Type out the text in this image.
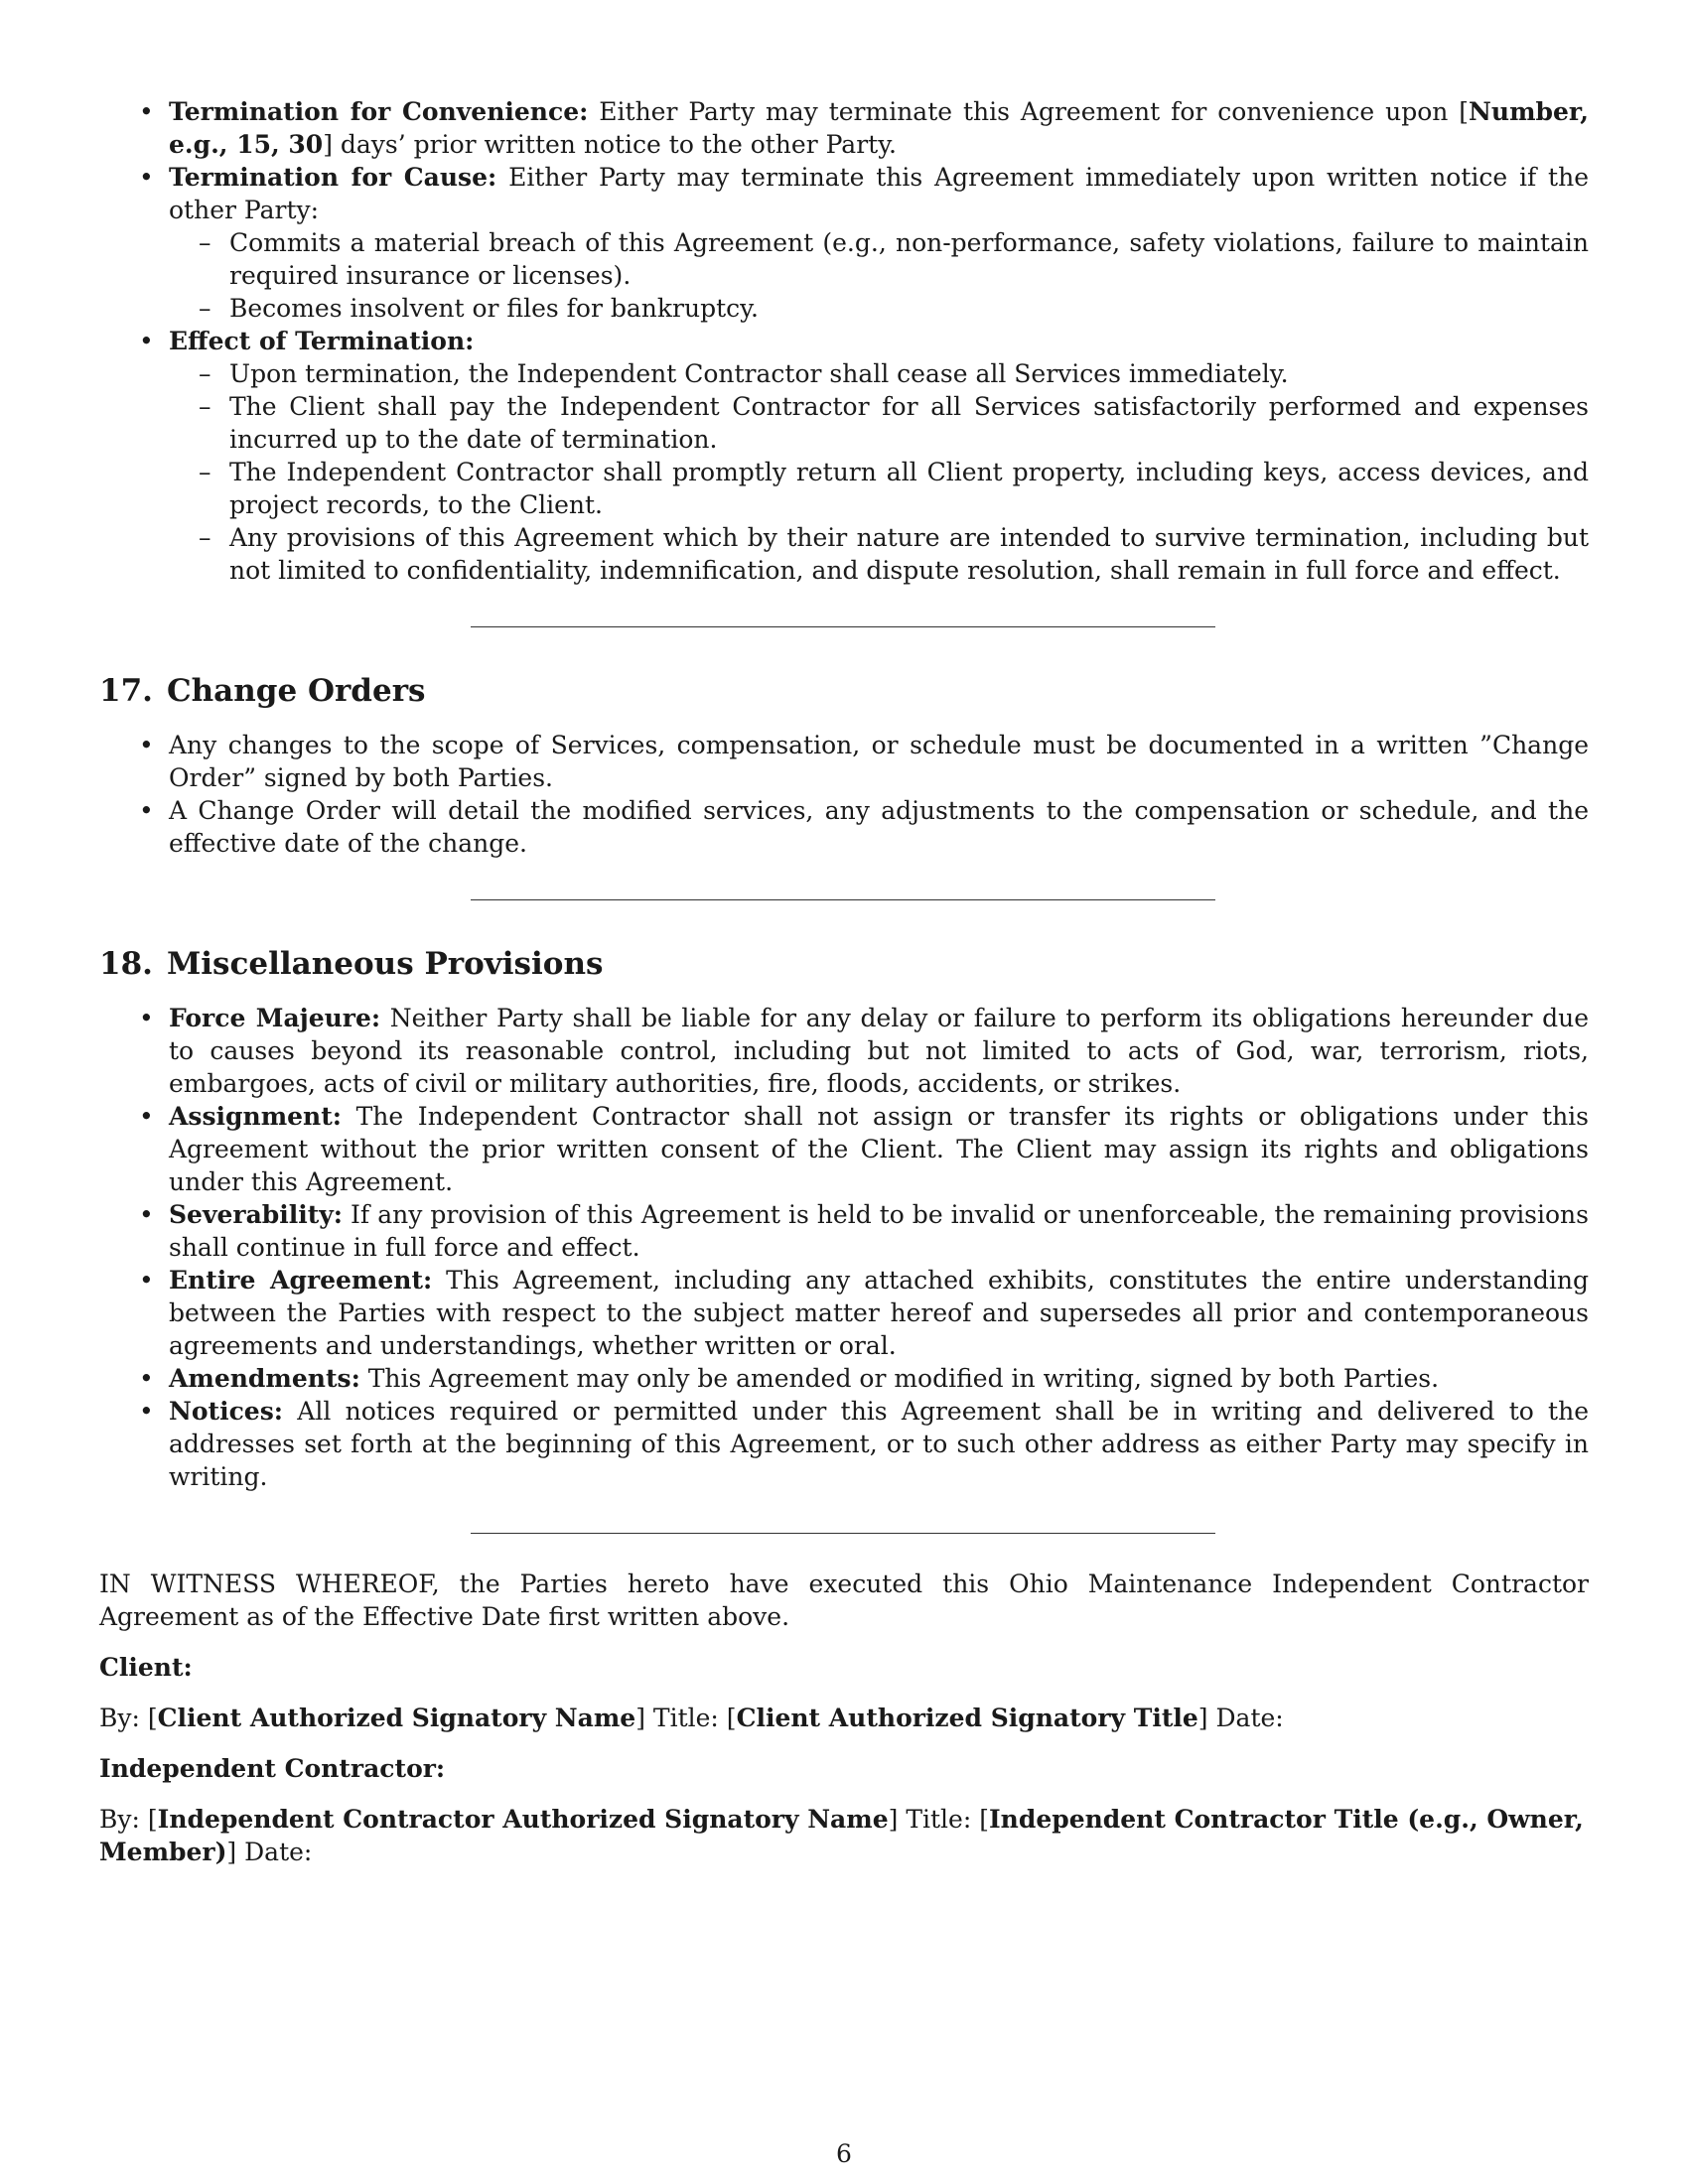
• Termination for Convenience: Either Party may terminate this Agreement for convenience upon [Number, e.g., 15, 30] days’ prior written notice to the other Party.
• Termination for Cause: Either Party may terminate this Agreement immediately upon written notice if the other Party:
– Commits a material breach of this Agreement (e.g., non-performance, safety violations, failure to maintain required insurance or licenses).
– Becomes insolvent or files for bankruptcy.
• Effect of Termination:
– Upon termination, the Independent Contractor shall cease all Services immediately.
– The Client shall pay the Independent Contractor for all Services satisfactorily performed and expenses incurred up to the date of termination.
– The Independent Contractor shall promptly return all Client property, including keys, access devices, and project records, to the Client.
– Any provisions of this Agreement which by their nature are intended to survive termination, including but not limited to confidentiality, indemnification, and dispute resolution, shall remain in full force and effect.
17. Change Orders
• Any changes to the scope of Services, compensation, or schedule must be documented in a written ”Change Order” signed by both Parties.
• A Change Order will detail the modified services, any adjustments to the compensation or schedule, and the effective date of the change.
18. Miscellaneous Provisions
• Force Majeure: Neither Party shall be liable for any delay or failure to perform its obligations hereunder due to causes beyond its reasonable control, including but not limited to acts of God, war, terrorism, riots, embargoes, acts of civil or military authorities, fire, floods, accidents, or strikes.
• Assignment: The Independent Contractor shall not assign or transfer its rights or obligations under this Agreement without the prior written consent of the Client. The Client may assign its rights and obligations under this Agreement.
• Severability: If any provision of this Agreement is held to be invalid or unenforceable, the remaining provisions shall continue in full force and effect.
• Entire Agreement: This Agreement, including any attached exhibits, constitutes the entire understanding between the Parties with respect to the subject matter hereof and supersedes all prior and contemporaneous agreements and understandings, whether written or oral.
• Amendments: This Agreement may only be amended or modified in writing, signed by both Parties.
• Notices: All notices required or permitted under this Agreement shall be in writing and delivered to the addresses set forth at the beginning of this Agreement, or to such other address as either Party may specify in writing.

IN WITNESS WHEREOF, the Parties hereto have executed this Ohio Maintenance Independent Contractor Agreement as of the Effective Date first written above.

Client:

By: [Client Authorized Signatory Name] Title: [Client Authorized Signatory Title] Date:

Independent Contractor:

By: [Independent Contractor Authorized Signatory Name] Title: [Independent Contractor Title (e.g., Owner, Member)] Date:

6
